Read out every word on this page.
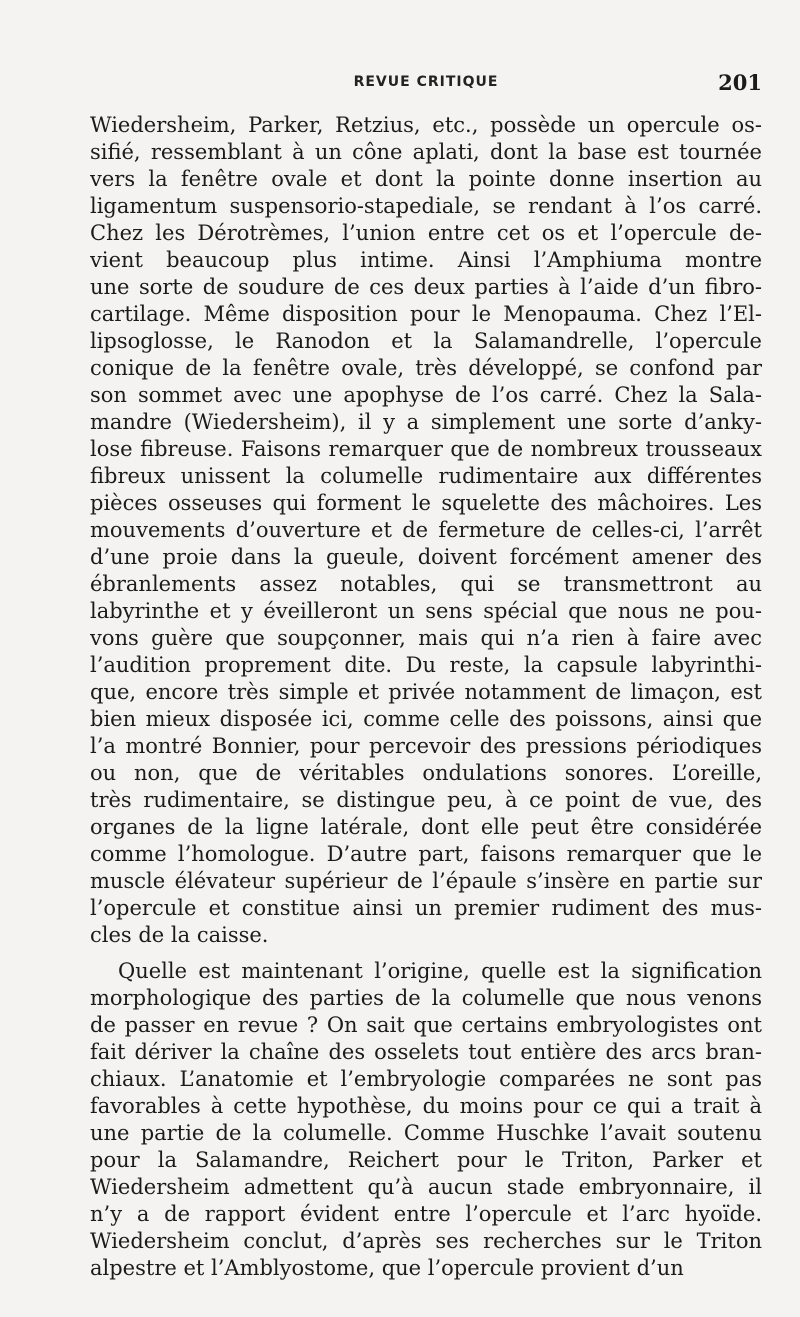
REVUE CRITIQUE	201
Wiedersheim, Parker, Retzius, etc., possède un opercule os-
sifié, ressemblant à un cône aplati, dont la base est tournée
vers la fenêtre ovale et dont la pointe donne insertion au
ligamentum suspensorio-stapediale, se rendant à l’os carré.
Chez les Dérotrèmes, l’union entre cet os et l’opercule de-
vient beaucoup plus intime. Ainsi l’Amphiuma montre
une sorte de soudure de ces deux parties à l’aide d’un fibro-
cartilage. Même disposition pour le Menopauma. Chez l’El-
lipsoglosse, le Ranodon et la Salamandrelle, l’opercule
conique de la fenêtre ovale, très développé, se confond par
son sommet avec une apophyse de l’os carré. Chez la Sala-
mandre (Wiedersheim), il y a simplement une sorte d’anky-
lose fibreuse. Faisons remarquer que de nombreux trousseaux
fibreux unissent la columelle rudimentaire aux différentes
pièces osseuses qui forment le squelette des mâchoires. Les
mouvements d’ouverture et de fermeture de celles-ci, l’arrêt
d’une proie dans la gueule, doivent forcément amener des
ébranlements assez notables, qui se transmettront au
labyrinthe et y éveilleront un sens spécial que nous ne pou-
vons guère que soupçonner, mais qui n’a rien à faire avec
l’audition proprement dite. Du reste, la capsule labyrinthi-
que, encore très simple et privée notamment de limaçon, est
bien mieux disposée ici, comme celle des poissons, ainsi que
l’a montré Bonnier, pour percevoir des pressions périodiques
ou non, que de véritables ondulations sonores. L’oreille,
très rudimentaire, se distingue peu, à ce point de vue, des
organes de la ligne latérale, dont elle peut être considérée
comme l’homologue. D’autre part, faisons remarquer que le
muscle élévateur supérieur de l’épaule s’insère en partie sur
l’opercule et constitue ainsi un premier rudiment des mus-
cles de la caisse.
Quelle est maintenant l’origine, quelle est la signification
morphologique des parties de la columelle que nous venons
de passer en revue ? On sait que certains embryologistes ont
fait dériver la chaîne des osselets tout entière des arcs bran-
chiaux. L’anatomie et l’embryologie comparées ne sont pas
favorables à cette hypothèse, du moins pour ce qui a trait à
une partie de la columelle. Comme Huschke l’avait soutenu
pour la Salamandre, Reichert pour le Triton, Parker et
Wiedersheim admettent qu’à aucun stade embryonnaire, il
n’y a de rapport évident entre l’opercule et l’arc hyoïde.
Wiedersheim conclut, d’après ses recherches sur le Triton
alpestre et l’Amblyostome, que l’opercule provient d’un
